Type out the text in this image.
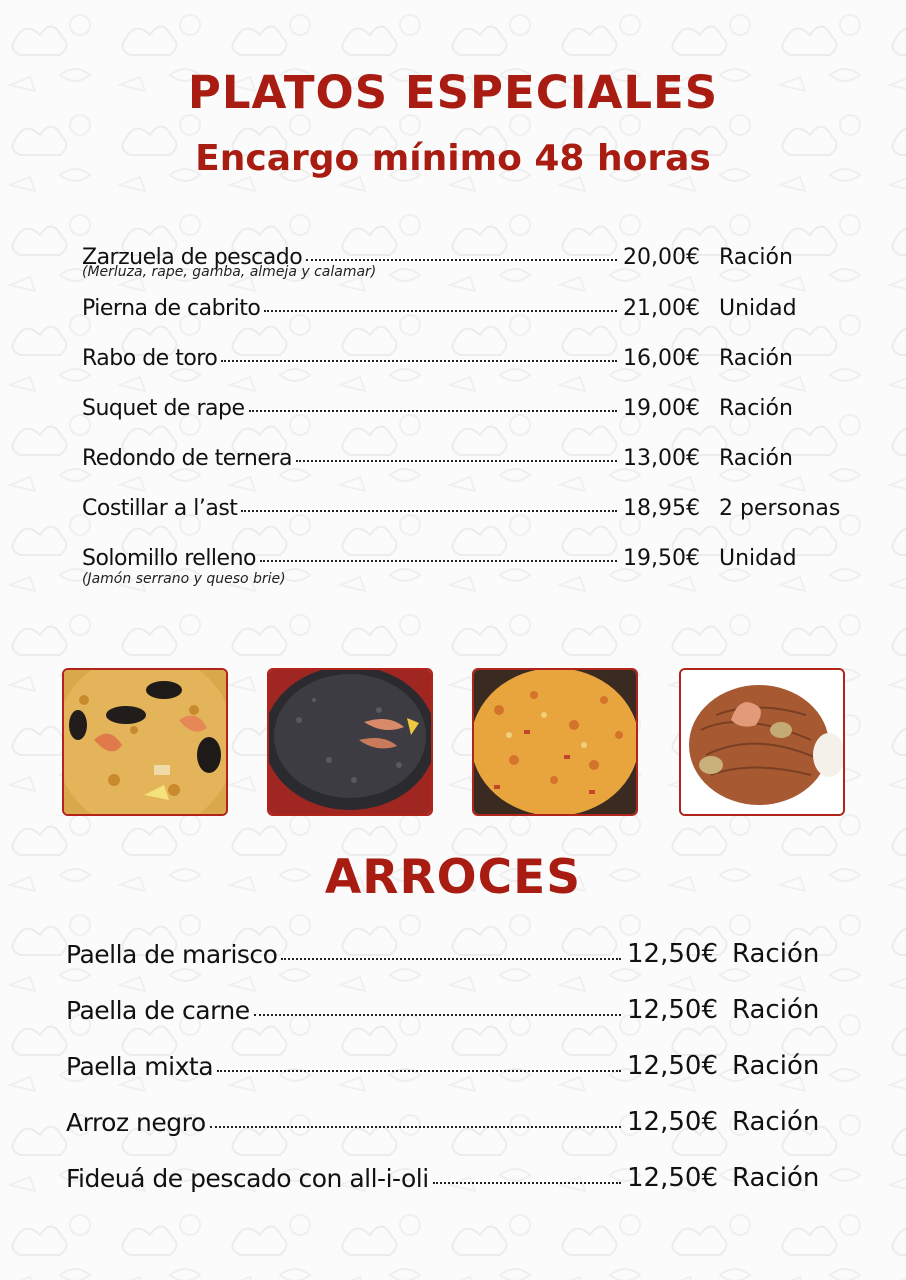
PLATOS ESPECIALES
Encargo mínimo 48 horas
Zarzuela de pescado	20,00€ Ración
(Merluza, rape, gamba, almeja y calamar)
Pierna de cabrito	21,00€ Unidad
Rabo de toro	16,00€ Ración
Suquet de rape	19,00€ Ración
Redondo de ternera	13,00€ Ración
Costillar a l’ast	18,95€ 2 personas
Solomillo relleno	19,50€ Unidad
(Jamón serrano y queso brie)
ARROCES
Paella de marisco	12,50€ Ración
Paella de carne	12,50€ Ración
Paella mixta	12,50€ Ración
Arroz negro	12,50€ Ración
Fideuá de pescado con all-i-oli	12,50€ Ración
